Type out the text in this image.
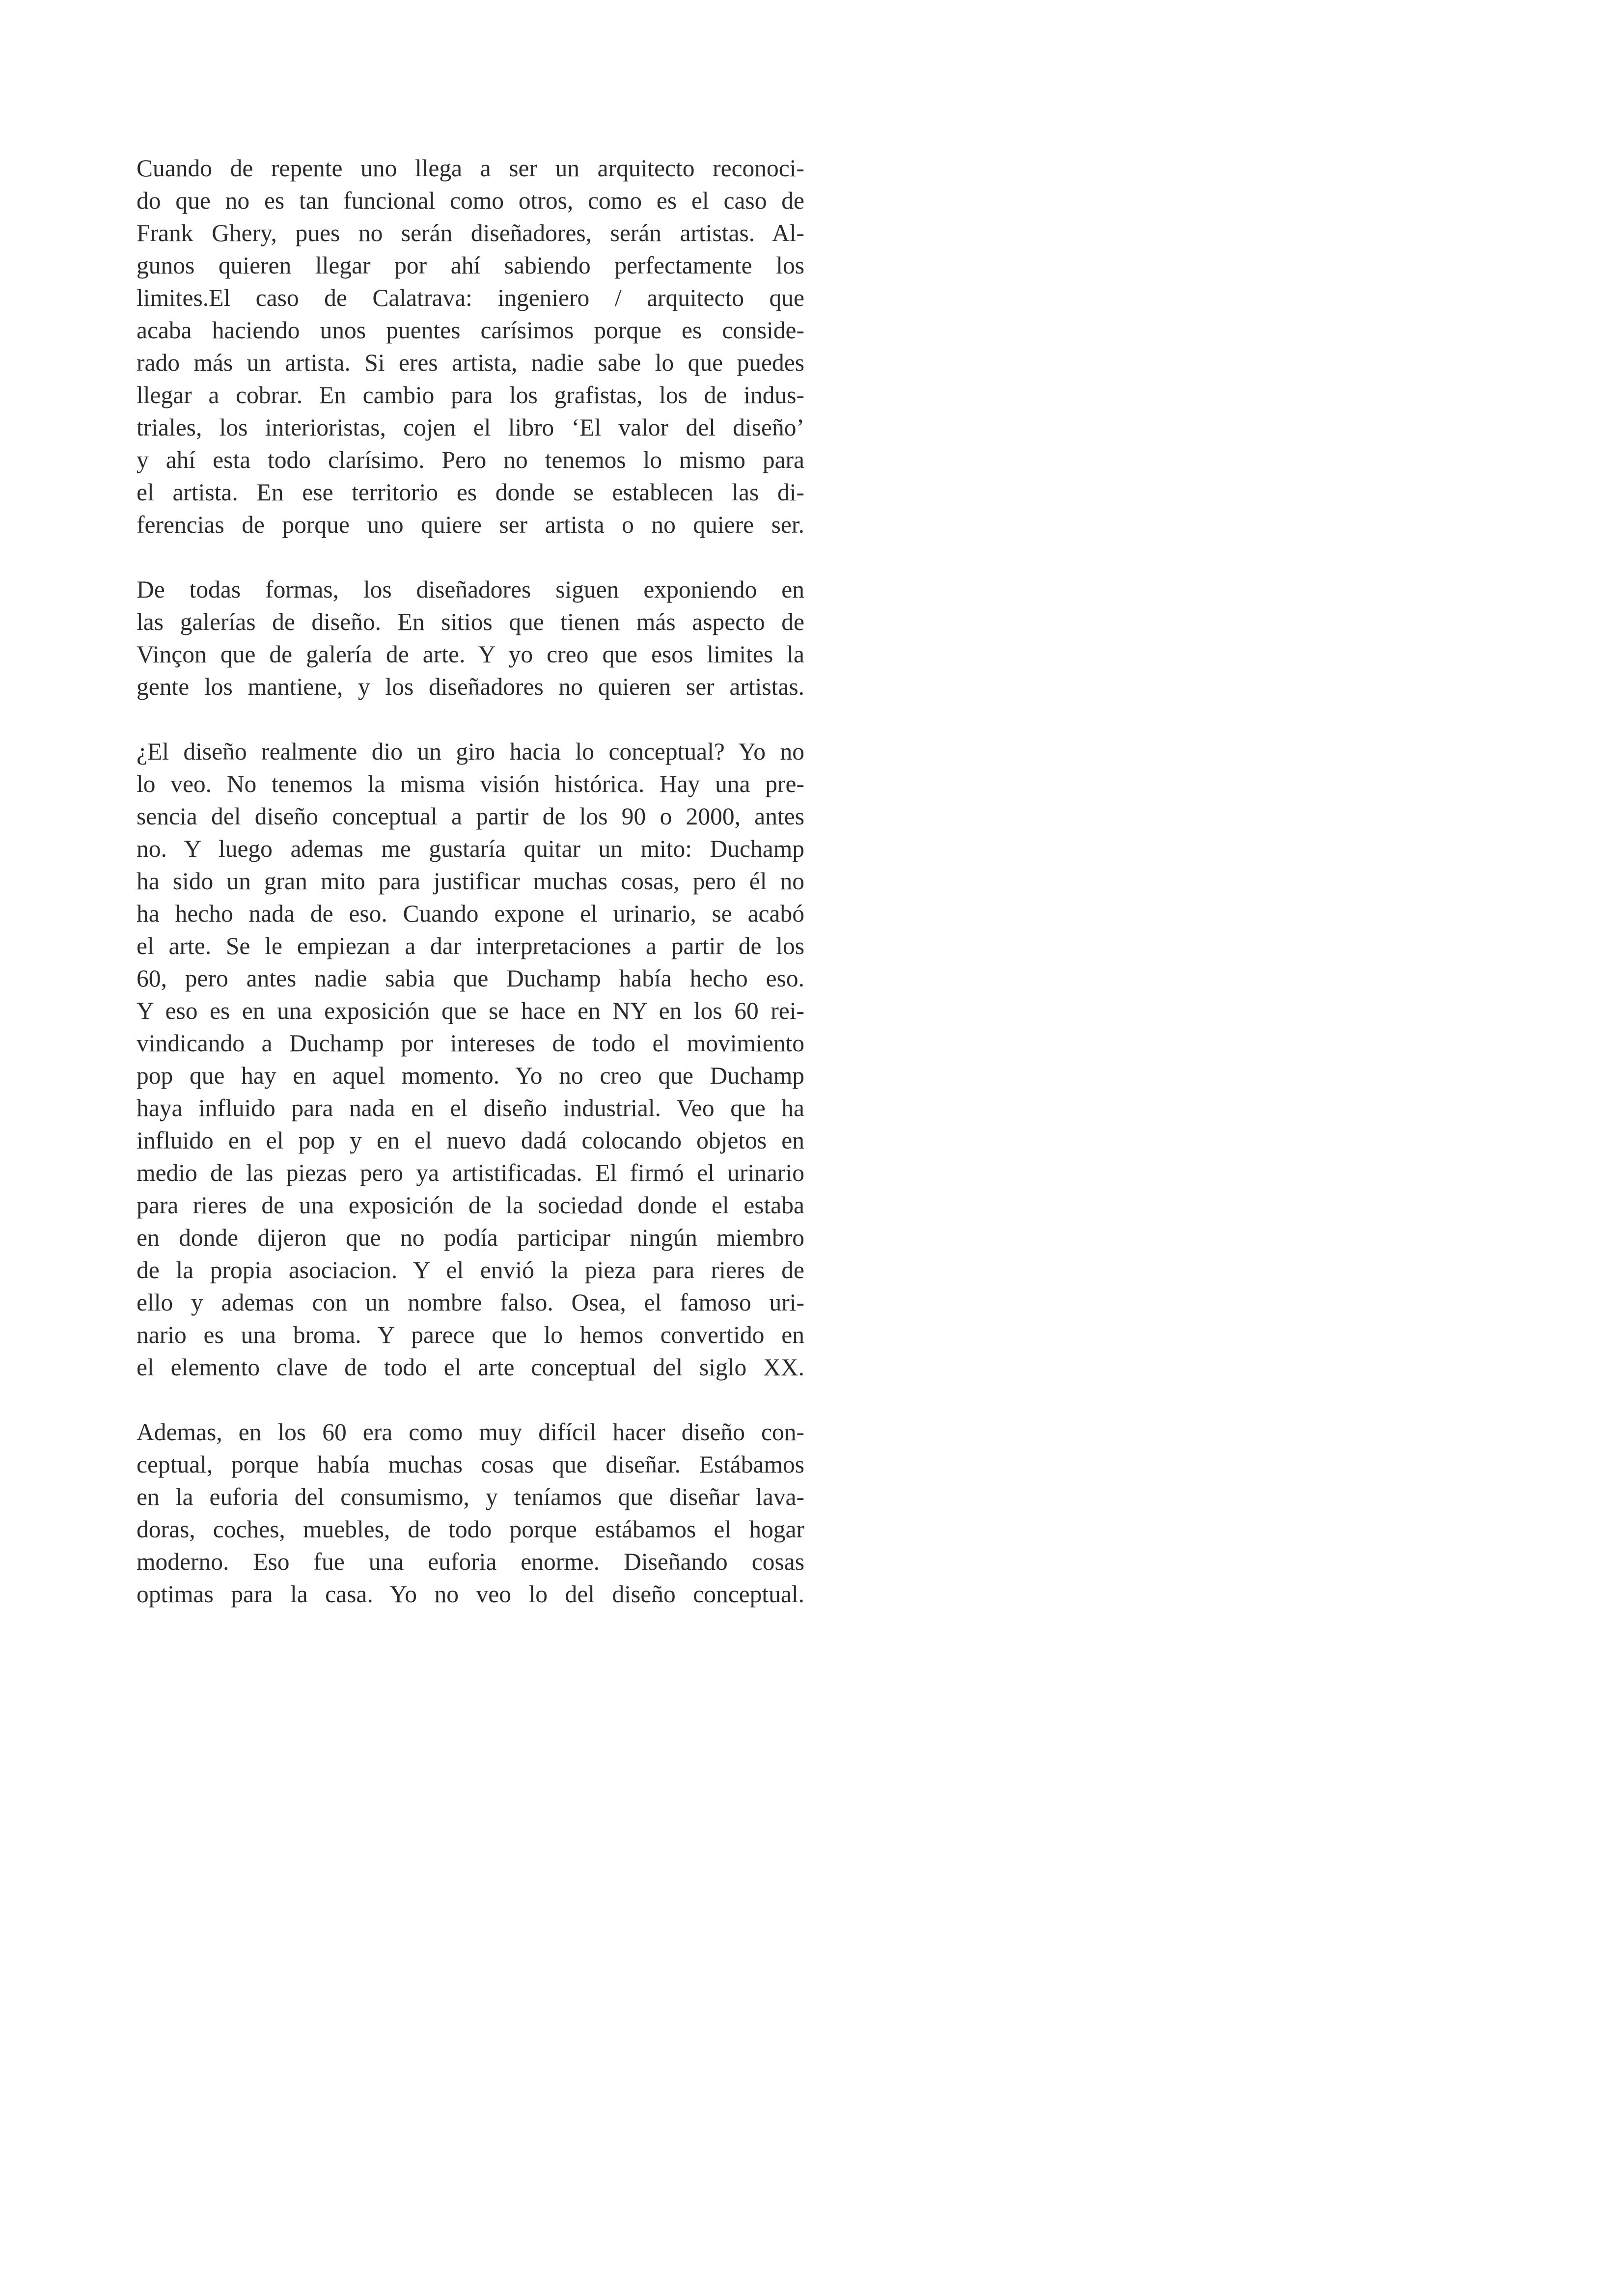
Cuando de repente uno llega a ser un arquitecto reconoci-
do que no es tan funcional como otros, como es el caso de
Frank Ghery, pues no serán diseñadores, serán artistas. Al-
gunos quieren llegar por ahí sabiendo perfectamente los
limites.El caso de Calatrava: ingeniero / arquitecto que
acaba haciendo unos puentes carísimos porque es conside-
rado más un artista. Si eres artista, nadie sabe lo que puedes
llegar a cobrar. En cambio para los grafistas, los de indus-
triales, los interioristas, cojen el libro ‘El valor del diseño’
y ahí esta todo clarísimo. Pero no tenemos lo mismo para
el artista. En ese territorio es donde se establecen las di-
ferencias de porque uno quiere ser artista o no quiere ser.
De todas formas, los diseñadores siguen exponiendo en
las galerías de diseño. En sitios que tienen más aspecto de
Vinçon que de galería de arte. Y yo creo que esos limites la
gente los mantiene, y los diseñadores no quieren ser artistas.
¿El diseño realmente dio un giro hacia lo conceptual? Yo no
lo veo. No tenemos la misma visión histórica. Hay una pre-
sencia del diseño conceptual a partir de los 90 o 2000, antes
no. Y luego ademas me gustaría quitar un mito: Duchamp
ha sido un gran mito para justificar muchas cosas, pero él no
ha hecho nada de eso. Cuando expone el urinario, se acabó
el arte. Se le empiezan a dar interpretaciones a partir de los
60, pero antes nadie sabia que Duchamp había hecho eso.
Y eso es en una exposición que se hace en NY en los 60 rei-
vindicando a Duchamp por intereses de todo el movimiento
pop que hay en aquel momento. Yo no creo que Duchamp
haya influido para nada en el diseño industrial. Veo que ha
influido en el pop y en el nuevo dadá colocando objetos en
medio de las piezas pero ya artistificadas. El firmó el urinario
para rieres de una exposición de la sociedad donde el estaba
en donde dijeron que no podía participar ningún miembro
de la propia asociacion. Y el envió la pieza para rieres de
ello y ademas con un nombre falso. Osea, el famoso uri-
nario es una broma. Y parece que lo hemos convertido en
el elemento clave de todo el arte conceptual del siglo XX.
Ademas, en los 60 era como muy difícil hacer diseño con-
ceptual, porque había muchas cosas que diseñar. Estábamos
en la euforia del consumismo, y teníamos que diseñar lava-
doras, coches, muebles, de todo porque estábamos el hogar
moderno. Eso fue una euforia enorme. Diseñando cosas
optimas para la casa. Yo no veo lo del diseño conceptual.
